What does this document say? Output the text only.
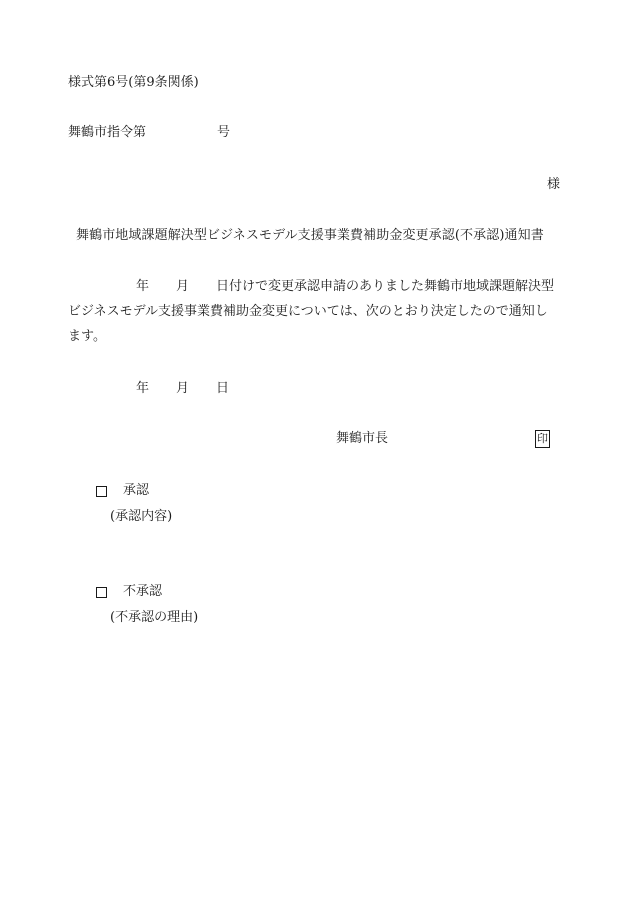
様式第6号(第9条関係)
舞鶴市指令第	号
様
舞鶴市地域課題解決型ビジネスモデル支援事業費補助金変更承認(不承認)通知書
年 月 日付けで変更承認申請のありました舞鶴市地域課題解決型
ビジネスモデル支援事業費補助金変更については、次のとおり決定したので通知し
ます。
年 月 日
舞鶴市長	印
承認
(承認内容)
不承認
(不承認の理由)
